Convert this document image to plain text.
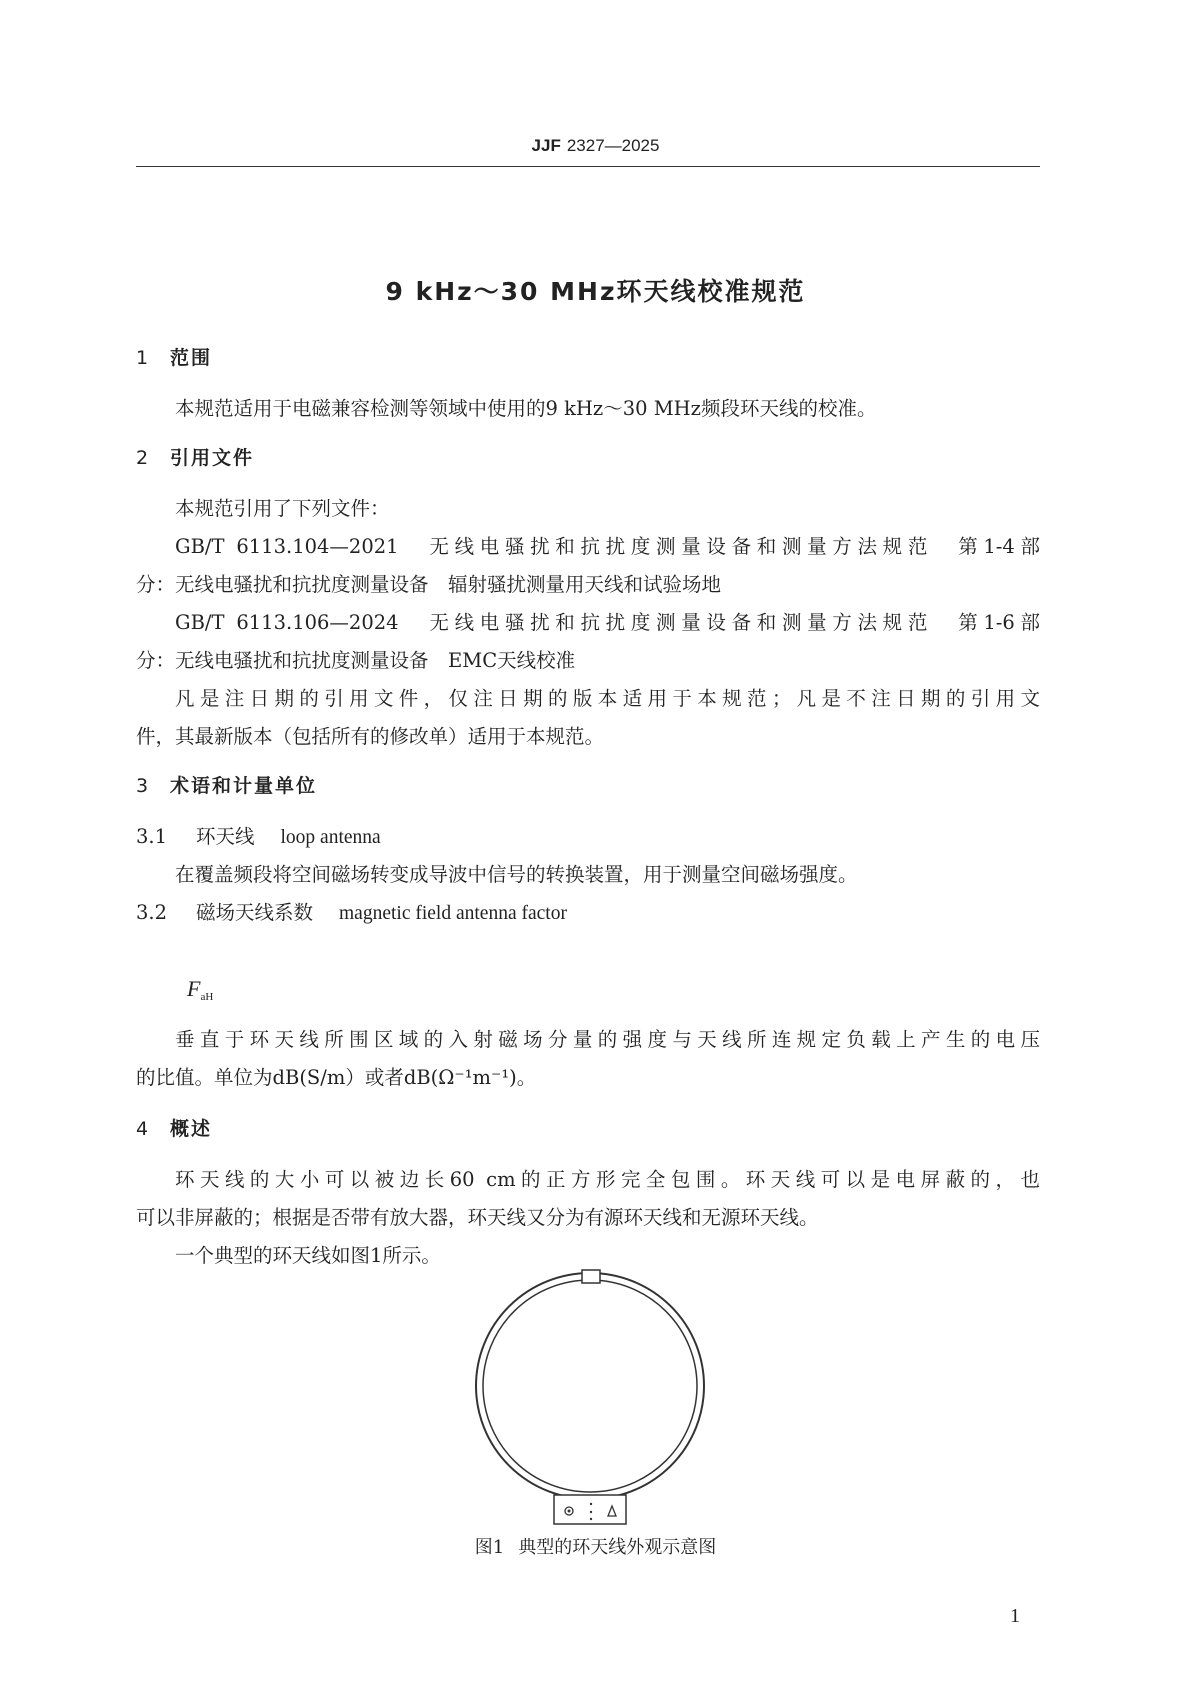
JJF 2327—2025
9 kHz～30 MHz环天线校准规范
1 范围
本规范适用于电磁兼容检测等领域中使用的9 kHz～30 MHz频段环天线的校准。
2 引用文件
本规范引用了下列文件：
GB/T 6113.104—2021　无线电骚扰和抗扰度测量设备和测量方法规范　第1-4部
分：无线电骚扰和抗扰度测量设备　辐射骚扰测量用天线和试验场地
GB/T 6113.106—2024　无线电骚扰和抗扰度测量设备和测量方法规范　第1-6部
分：无线电骚扰和抗扰度测量设备　EMC天线校准
凡是注日期的引用文件，仅注日期的版本适用于本规范；凡是不注日期的引用文
件，其最新版本（包括所有的修改单）适用于本规范。
3 术语和计量单位
3.1 环天线 loop antenna
在覆盖频段将空间磁场转变成导波中信号的转换装置，用于测量空间磁场强度。
3.2 磁场天线系数 magnetic field antenna factor
$F_{aH}$
垂直于环天线所围区域的入射磁场分量的强度与天线所连规定负载上产生的电压
的比值。单位为dB(S/m）或者dB(Ω⁻¹m⁻¹)。
4 概述
环天线的大小可以被边长60 cm的正方形完全包围。环天线可以是电屏蔽的，也
可以非屏蔽的；根据是否带有放大器，环天线又分为有源环天线和无源环天线。
一个典型的环天线如图1所示。
图1 典型的环天线外观示意图
1
